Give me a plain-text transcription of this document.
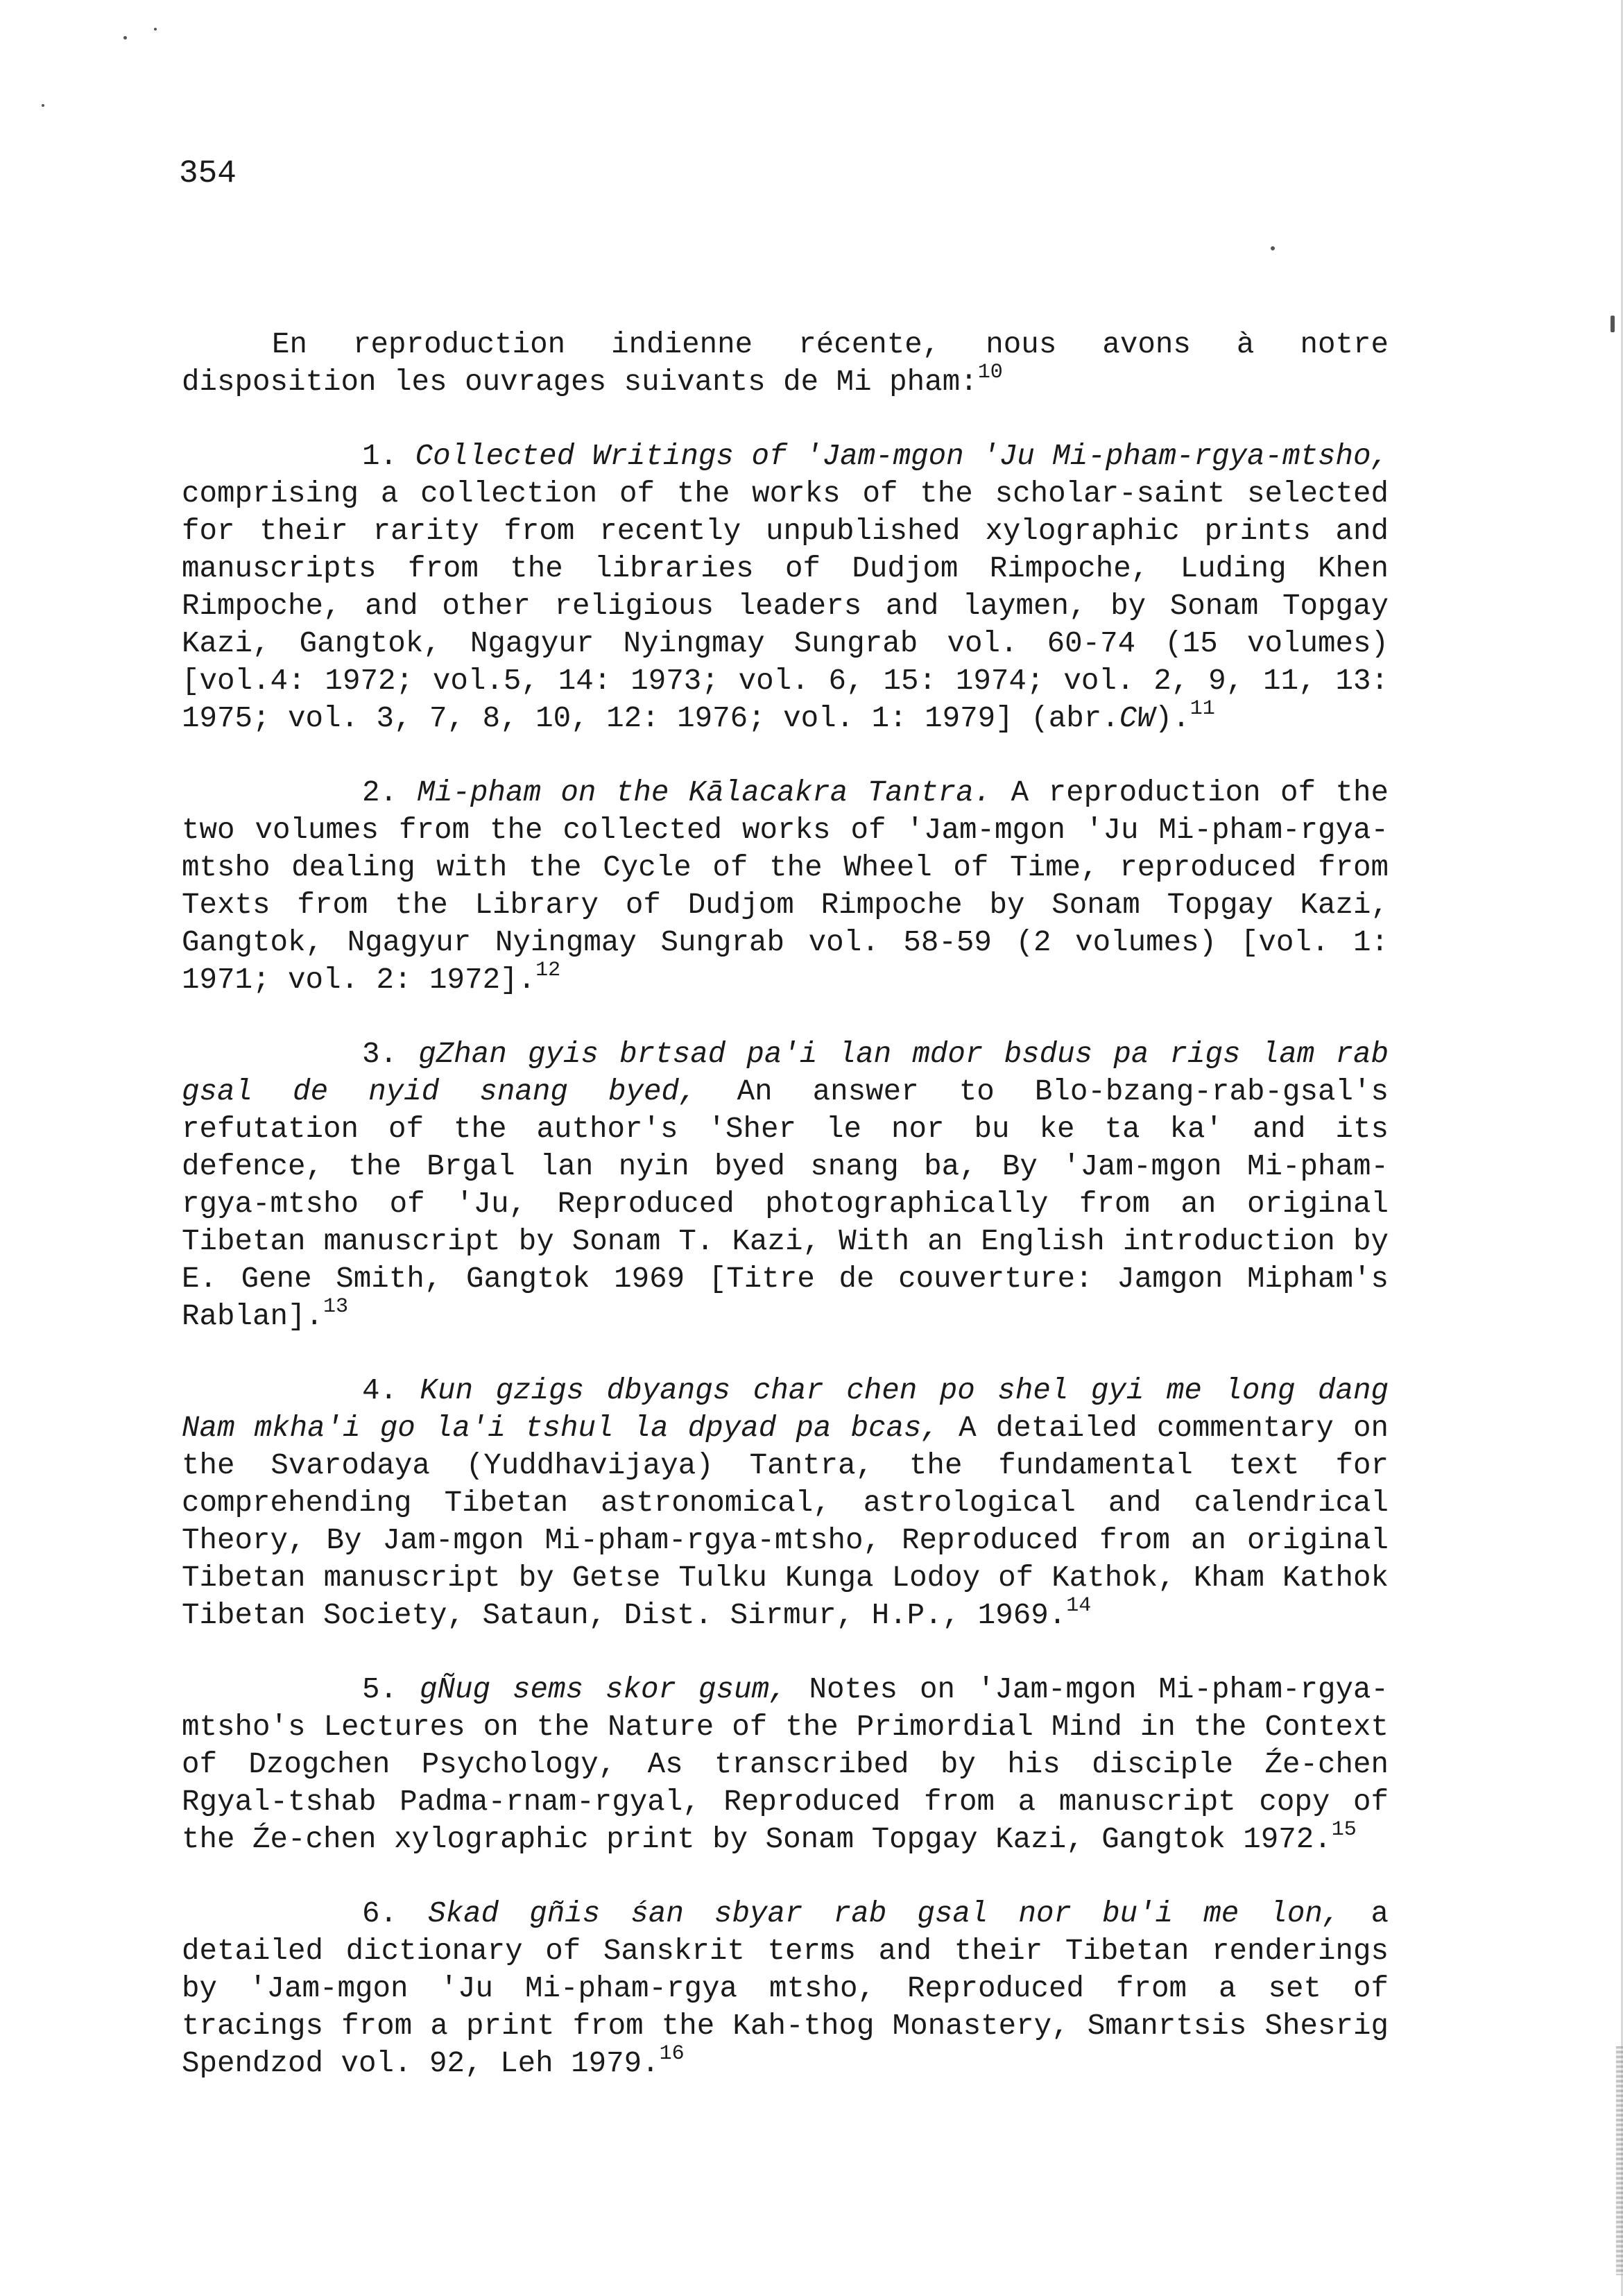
354

En reproduction indienne récente, nous avons à notre disposition les ouvrages suivants de Mi pham:$^{10}$

1. Collected Writings of 'Jam-mgon 'Ju Mi-pham-rgya-mtsho, comprising a collection of the works of the scholar-saint selected for their rarity from recently unpublished xylographic prints and manuscripts from the libraries of Dudjom Rimpoche, Luding Khen Rimpoche, and other religious leaders and laymen, by Sonam Topgay Kazi, Gangtok, Ngagyur Nyingmay Sungrab vol. 60-74 (15 volumes) [vol.4: 1972; vol.5, 14: 1973; vol. 6, 15: 1974; vol. 2, 9, 11, 13: 1975; vol. 3, 7, 8, 10, 12: 1976; vol. 1: 1979] (abr.CW).$^{11}$

2. Mi-pham on the Kālacakra Tantra. A reproduction of the two volumes from the collected works of 'Jam-mgon 'Ju Mi-pham-rgya-mtsho dealing with the Cycle of the Wheel of Time, reproduced from Texts from the Library of Dudjom Rimpoche by Sonam Topgay Kazi, Gangtok, Ngagyur Nyingmay Sungrab vol. 58-59 (2 volumes) [vol. 1: 1971; vol. 2: 1972].$^{12}$

3. gZhan gyis brtsad pa'i lan mdor bsdus pa rigs lam rab gsal de nyid snang byed, An answer to Blo-bzang-rab-gsal's refutation of the author's 'Sher le nor bu ke ta ka' and its defence, the Brgal lan nyin byed snang ba, By 'Jam-mgon Mi-pham-rgya-mtsho of 'Ju, Reproduced photographically from an original Tibetan manuscript by Sonam T. Kazi, With an English introduction by E. Gene Smith, Gangtok 1969 [Titre de couverture: Jamgon Mipham's Rablan].$^{13}$

4. Kun gzigs dbyangs char chen po shel gyi me long dang Nam mkha'i go la'i tshul la dpyad pa bcas, A detailed commentary on the Svarodaya (Yuddhavijaya) Tantra, the fundamental text for comprehending Tibetan astronomical, astrological and calendrical Theory, By Jam-mgon Mi-pham-rgya-mtsho, Reproduced from an original Tibetan manuscript by Getse Tulku Kunga Lodoy of Kathok, Kham Kathok Tibetan Society, Sataun, Dist. Sirmur, H.P., 1969.14

5. gÑug sems skor gsum, Notes on 'Jam-mgon Mi-pham-rgya-mtsho's Lectures on the Nature of the Primordial Mind in the Context of Dzogchen Psychology, As transcribed by his disciple Źe-chen Rgyal-tshab Padma-rnam-rgyal, Reproduced from a manuscript copy of the Źe-chen xylographic print by Sonam Topgay Kazi, Gangtok 1972.15

6. Skad gñis śan sbyar rab gsal nor bu'i me lon, a detailed dictionary of Sanskrit terms and their Tibetan renderings by 'Jam-mgon 'Ju Mi-pham-rgya mtsho, Reproduced from a set of tracings from a print from the Kah-thog Monastery, Smanrtsis Shesrig Spendzod vol. 92, Leh 1979.16
